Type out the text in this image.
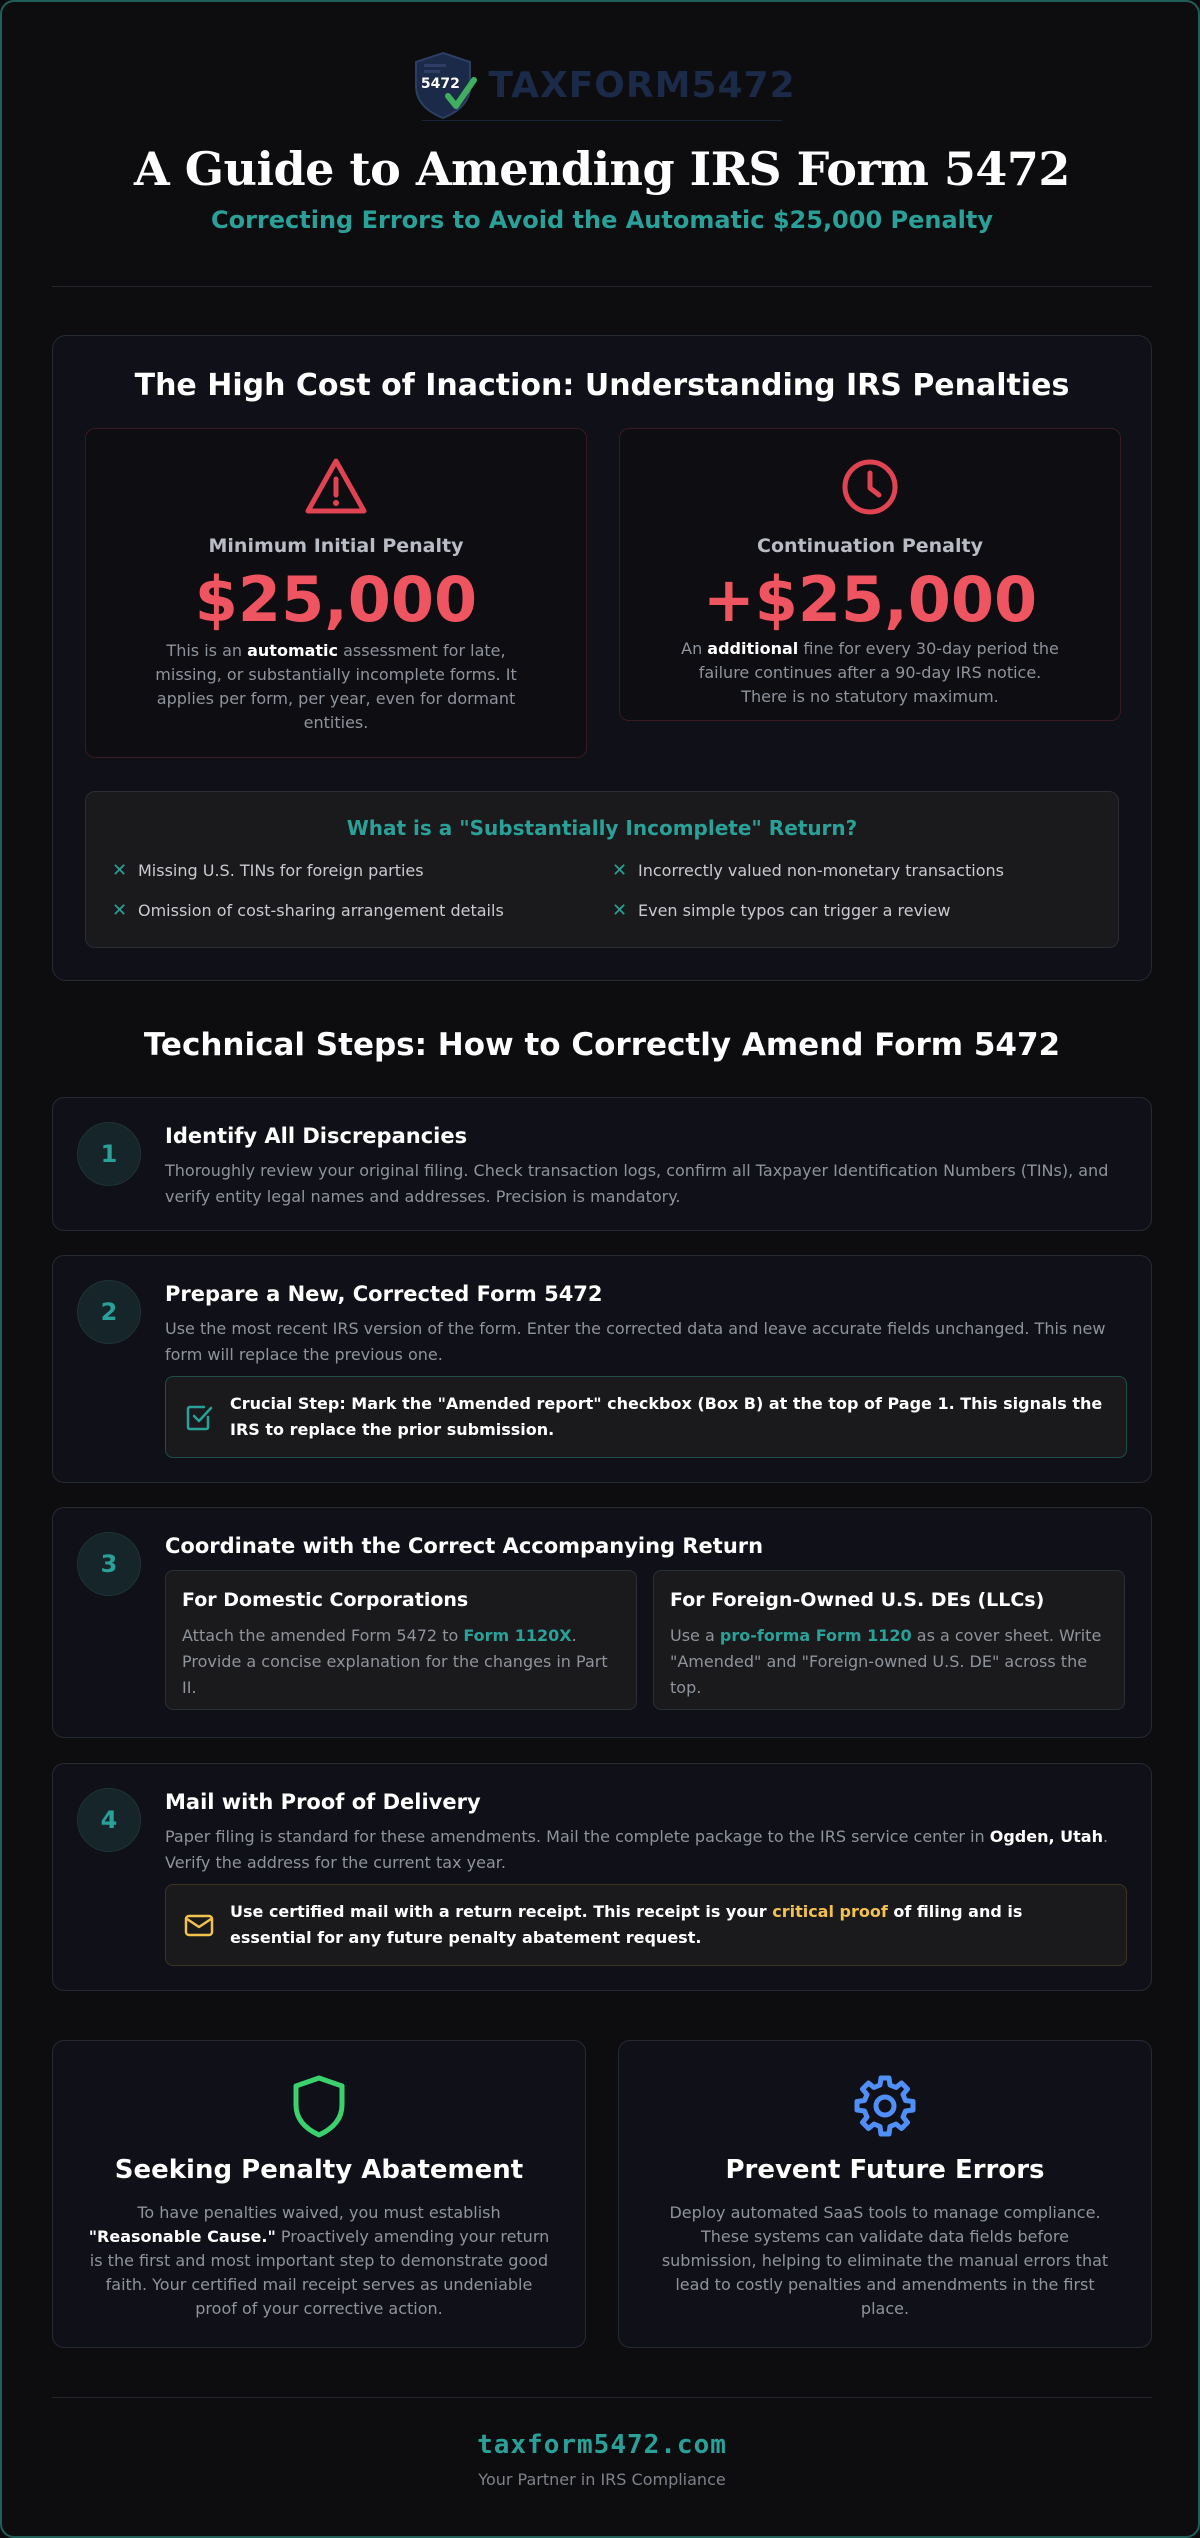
5472 TAXFORM5472
A Guide to Amending IRS Form 5472
Correcting Errors to Avoid the Automatic $25,000 Penalty
The High Cost of Inaction: Understanding IRS Penalties
Minimum Initial Penalty
$25,000
This is an automatic assessment for late, missing, or substantially incomplete forms. It applies per form, per year, even for dormant entities.
Continuation Penalty
+$25,000
An additional fine for every 30-day period the failure continues after a 90-day IRS notice. There is no statutory maximum.
What is a "Substantially Incomplete" Return?
✕ Missing U.S. TINs for foreign parties	✕ Incorrectly valued non-monetary transactions
✕ Omission of cost-sharing arrangement details	✕ Even simple typos can trigger a review
Technical Steps: How to Correctly Amend Form 5472
1
Identify All Discrepancies
Thoroughly review your original filing. Check transaction logs, confirm all Taxpayer Identification Numbers (TINs), and verify entity legal names and addresses. Precision is mandatory.
2
Prepare a New, Corrected Form 5472
Use the most recent IRS version of the form. Enter the corrected data and leave accurate fields unchanged. This new form will replace the previous one.
Crucial Step: Mark the "Amended report" checkbox (Box B) at the top of Page 1. This signals the IRS to replace the prior submission.
3
Coordinate with the Correct Accompanying Return
For Domestic Corporations
Attach the amended Form 5472 to Form 1120X. Provide a concise explanation for the changes in Part II.
For Foreign-Owned U.S. DEs (LLCs)
Use a pro-forma Form 1120 as a cover sheet. Write "Amended" and "Foreign-owned U.S. DE" across the top.
4
Mail with Proof of Delivery
Paper filing is standard for these amendments. Mail the complete package to the IRS service center in Ogden, Utah. Verify the address for the current tax year.
Use certified mail with a return receipt. This receipt is your critical proof of filing and is essential for any future penalty abatement request.
Seeking Penalty Abatement
To have penalties waived, you must establish "Reasonable Cause." Proactively amending your return is the first and most important step to demonstrate good faith. Your certified mail receipt serves as undeniable proof of your corrective action.
Prevent Future Errors
Deploy automated SaaS tools to manage compliance. These systems can validate data fields before submission, helping to eliminate the manual errors that lead to costly penalties and amendments in the first place.
taxform5472.com
Your Partner in IRS Compliance
